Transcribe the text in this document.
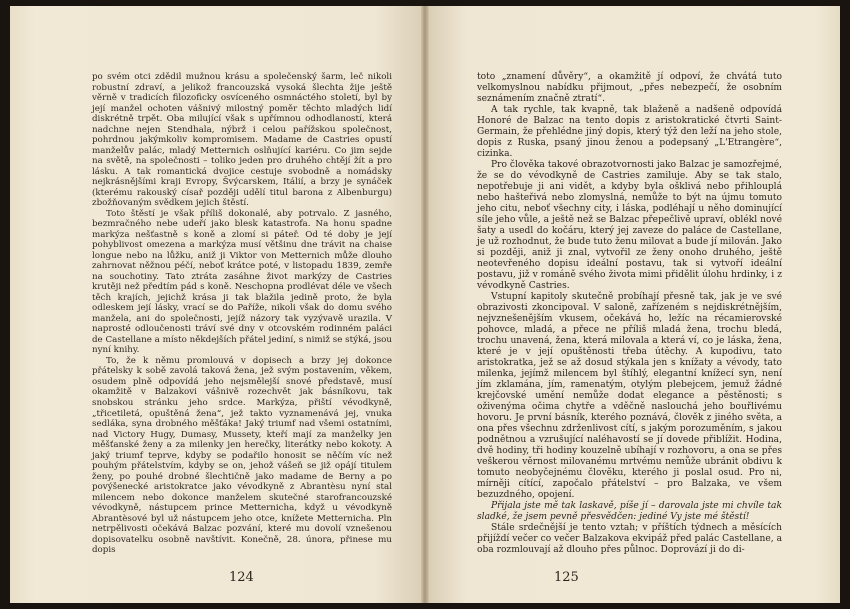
po svém otci zdědil mužnou krásu a společenský šarm, leč nikoli robustní zdraví, a jelikož francouzská vysoká šlechta žije ještě věrně v tradicích filozoficky osvíceného osmnáctého století, byl by její manžel ochoten vášnivý milostný poměr těchto mladých lidí diskrétně trpět. Oba milující však s upřímnou odhodlaností, která nadchne nejen Stendhala, nýbrž i celou pařížskou společnost, pohrdnou jakýmkoliv kompromisem. Madame de Castries opustí manželův palác, mladý Metternich oslňující kariéru. Co jim sejde na světě, na společnosti – toliko jeden pro druhého chtějí žít a pro lásku. A tak romantická dvojice cestuje svobodně a nomádsky nejkrásnějšími kraji Evropy, Švýcarskem, Itálií, a brzy je synáček (kterému rakouský císař později udělí titul barona z Albenburgu) zbožňovaným svědkem jejich štěstí.

Toto štěstí je však příliš dokonalé, aby potrvalo. Z jasného, bezmračného nebe udeří jako blesk katastrofa. Na honu spadne markýza nešťastně s koně a zlomí si páteř. Od té doby je její pohyblivost omezena a markýza musí většinu dne trávit na chaise longue nebo na lůžku, aniž ji Viktor von Metternich může dlouho zahrnovat něžnou péčí, neboť krátce poté, v listopadu 1839, zemře na souchotiny. Tato ztráta zasáhne život markýzy de Castries krutěji než předtím pád s koně. Neschopna prodlévat déle ve všech těch krajích, jejichž krása ji tak blažila jedině proto, že byla odleskem její lásky, vrací se do Paříže, nikoli však do domu svého manžela, ani do společnosti, jejíž názory tak vyzývavě urazila. V naprosté odloučenosti tráví své dny v otcovském rodinném paláci de Castellane a místo někdejších přátel jediní, s nimiž se stýká, jsou nyní knihy.

To, že k němu promlouvá v dopisech a brzy jej dokonce přátelsky k sobě zavolá taková žena, jež svým postavením, věkem, osudem plně odpovídá jeho nejsmělejší snové představě, musí okamžitě v Balzakovi vášnivě rozechvět jak básníkovu, tak snobskou stránku jeho srdce. Markýza, přiští vévodkyně, „třicetiletá, opuštěná žena“, jež takto vyznamenává jej, vnuka sedláka, syna drobného měšťáka! Jaký triumf nad všemi ostatními, nad Victory Hugy, Dumasy, Mussety, kteří mají za manželky jen měšťanské ženy a za milenky jen herečky, literátky nebo kokoty. A jaký triumf teprve, kdyby se podařilo honosit se něčím víc než pouhým přátelstvím, kdyby se on, jehož vášeň se již opájí titulem ženy, po pouhé drobné šlechtičně jako madame de Berny a po povýšenecké aristokratce jako vévodkyně z Abrantèsu nyní stal milencem nebo dokonce manželem skutečné starofrancouzské vévodkyně, nástupcem prince Metternicha, když u vévodkyně Abrantèsové byl už nástupcem jeho otce, knížete Metternicha. Pln netrpělivosti očekává Balzac pozvání, které mu dovolí vznešenou dopisovatelku osobně navštívit. Konečně, 28. února, přinese mu dopis

124

toto „znamení důvěry“, a okamžitě jí odpoví, že chvátá tuto velkomyslnou nabídku přijmout, „přes nebezpečí, že osobním seznámením značně ztratí“.

A tak rychle, tak kvapně, tak blaženě a nadšeně odpovídá Honoré de Balzac na tento dopis z aristokratické čtvrti Saint-Germain, že přehlédne jiný dopis, který týž den leží na jeho stole, dopis z Ruska, psaný jinou ženou a podepsaný „L'Etrangère“, cizinka.

Pro člověka takové obrazotvornosti jako Balzac je samozřejmé, že se do vévodkyně de Castries zamiluje. Aby se tak stalo, nepotřebuje ji ani vidět, a kdyby byla ošklivá nebo přihlouplá nebo hašteřivá nebo zlomyslná, nemůže to být na újmu tomuto jeho citu, neboť všechny city, i láska, podléhají u něho dominující síle jeho vůle, a ještě než se Balzac přepečlivě upraví, oblékl nové šaty a usedl do kočáru, který jej zaveze do paláce de Castellane, je už rozhodnut, že bude tuto ženu milovat a bude jí milován. Jako si později, aniž ji znal, vytvořil ze ženy onoho druhého, ještě neotevřeného dopisu ideální postavu, tak si vytvoří ideální postavu, již v románě svého života mimi přidělit úlohu hrdinky, i z vévodkyně Castries.

Vstupní kapitoly skutečně probíhají přesně tak, jak je ve své obrazivosti zkoncipoval. V saloně, zařízeném s nejdiskrétnějším, nejvznešenějším vkusem, očekává ho, ležíc na récamierovské pohovce, mladá, a přece ne příliš mladá žena, trochu bledá, trochu unavená, žena, která milovala a která ví, co je láska, žena, které je v její opuštěnosti třeba útěchy. A kupodivu, tato aristokratka, jež se až dosud stýkala jen s knížaty a vévody, tato milenka, jejímž milencem byl štíhlý, elegantní knížecí syn, není jím zklamána, jím, ramenatým, otylým plebejcem, jemuž žádné krejčovské umění nemůže dodat elegance a pěstěnosti; s oživenýma očima chytře a vděčně naslouchá jeho bouřlivému hovoru. Je první básník, kterého poznává, člověk z jiného světa, a ona přes všechnu zdrženlivost cítí, s jakým porozuměním, s jakou podnětnou a vzrušující naléhavostí se jí dovede přiblížit. Hodina, dvě hodiny, tři hodiny kouzelně ubíhají v rozhovoru, a ona se přes veškerou věrnost milovanému mrtvému nemůže ubránit obdivu k tomuto neobyčejnému člověku, kterého ji poslal osud. Pro ni, mírněji cítící, započalo přátelství – pro Balzaka, ve všem bezuzdného, opojení.

Přijala jste mě tak laskavě, píše jí – darovala jste mi chvíle tak sladké, že jsem pevně přesvědčen: jediné Vy jste mé štěstí!

Stále srdečnější je tento vztah; v příštích týdnech a měsících přijíždí večer co večer Balzakova ekvipáž před palác Castellane, a oba rozmlouvají až dlouho přes půlnoc. Doprovází ji do di-

125
